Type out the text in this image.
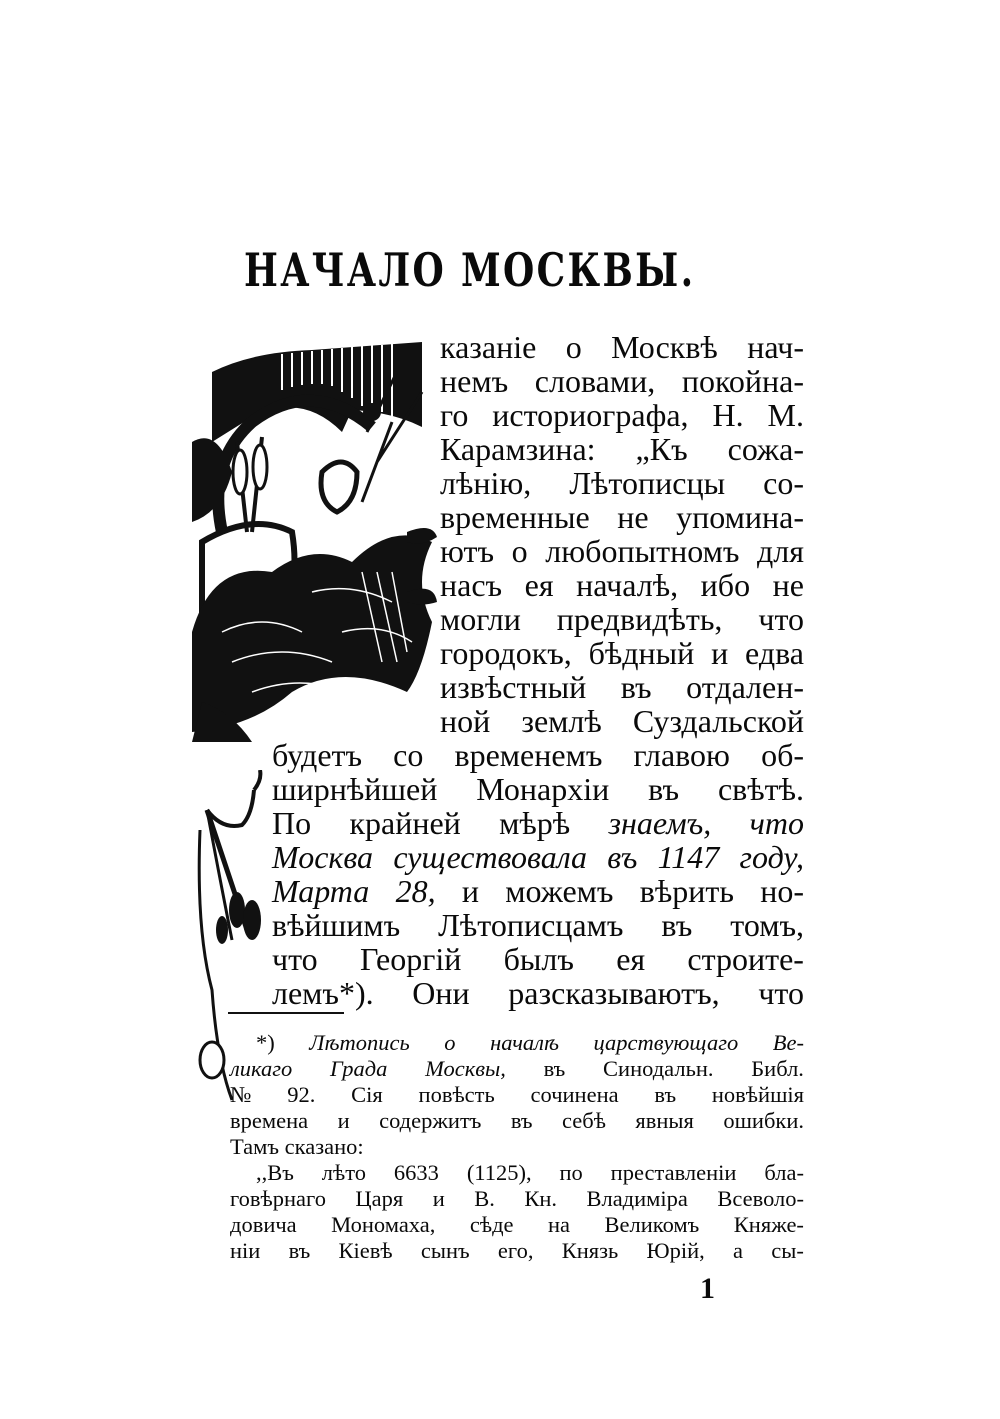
НАЧАЛО МОСКВЫ.
казаніе о Москвѣ нач-
немъ словами, покойна-
го историографа, Н. М.
Карамзина: „Къ сожа-
лѣнію, Лѣтописцы со-
временные не упомина-
ютъ о любопытномъ для
насъ ея началѣ, ибо не
могли предвидѣть, что
городокъ, бѣдный и едва
извѣстный въ отдален-
ной землѣ Суздальской
будетъ со временемъ главою об-
ширнѣйшей Монархіи въ свѣтѣ.
По крайней мѣрѣ знаемъ, что
Москва существовала въ 1147 году,
Марта 28, и можемъ вѣрить но-
вѣйшимъ Лѣтописцамъ въ томъ,
что Георгій былъ ея строите-
лемъ*). Они разсказываютъ, что
*) Лѣтопись о началѣ царствующаго Ве-
ликаго Града Москвы, въ Синодальн. Библ.
№ 92. Сія повѣсть сочинена въ новѣйшія
времена и содержитъ въ себѣ явныя ошибки.
Тамъ сказано:
,,Въ лѣто 6633 (1125), по преставленіи бла-
говѣрнаго Царя и В. Кн. Владиміра Всеволо-
довича Мономаха, сѣде на Великомъ Княже-
ніи въ Кіевѣ сынъ его, Князь Юрій, а сы-
1
